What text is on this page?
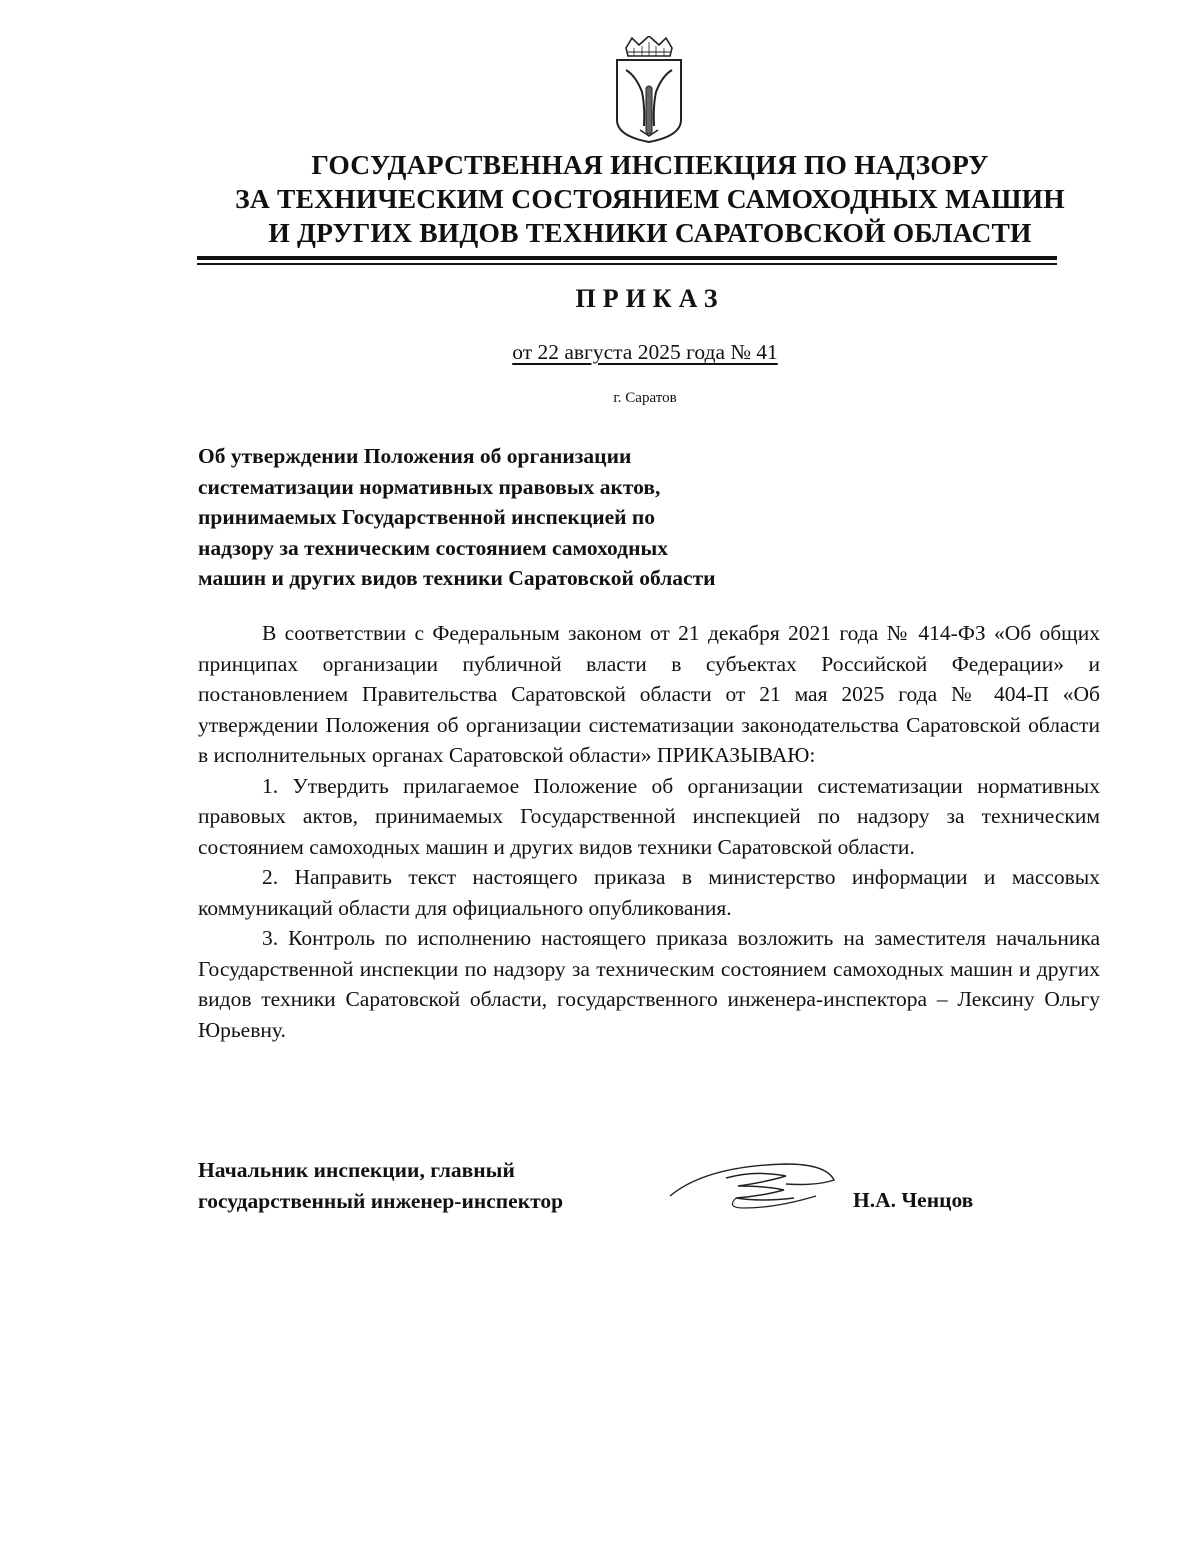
ГОСУДАРСТВЕННАЯ ИНСПЕКЦИЯ ПО НАДЗОРУ
ЗА ТЕХНИЧЕСКИМ СОСТОЯНИЕМ САМОХОДНЫХ МАШИН
И ДРУГИХ ВИДОВ ТЕХНИКИ САРАТОВСКОЙ ОБЛАСТИ
ПРИКАЗ
от 22 августа 2025 года № 41
г. Саратов
Об утверждении Положения об организации
систематизации нормативных правовых актов,
принимаемых Государственной инспекцией по
надзору за техническим состоянием самоходных
машин и других видов техники Саратовской области

В соответствии с Федеральным законом от 21 декабря 2021 года № 414-ФЗ «Об общих принципах организации публичной власти в субъектах Российской Федерации» и постановлением Правительства Саратовской области от 21 мая 2025 года № 404-П «Об утверждении Положения об организации систематизации законодательства Саратовской области в исполнительных органах Саратовской области» ПРИКАЗЫВАЮ:

1. Утвердить прилагаемое Положение об организации систематизации нормативных правовых актов, принимаемых Государственной инспекцией по надзору за техническим состоянием самоходных машин и других видов техники Саратовской области.

2. Направить текст настоящего приказа в министерство информации и массовых коммуникаций области для официального опубликования.

3. Контроль по исполнению настоящего приказа возложить на заместителя начальника Государственной инспекции по надзору за техническим состоянием самоходных машин и других видов техники Саратовской области, государственного инженера-инспектора – Лексину Ольгу Юрьевну.

Начальник инспекции, главный
государственный инженер-инспектор	Н.А. Ченцов
